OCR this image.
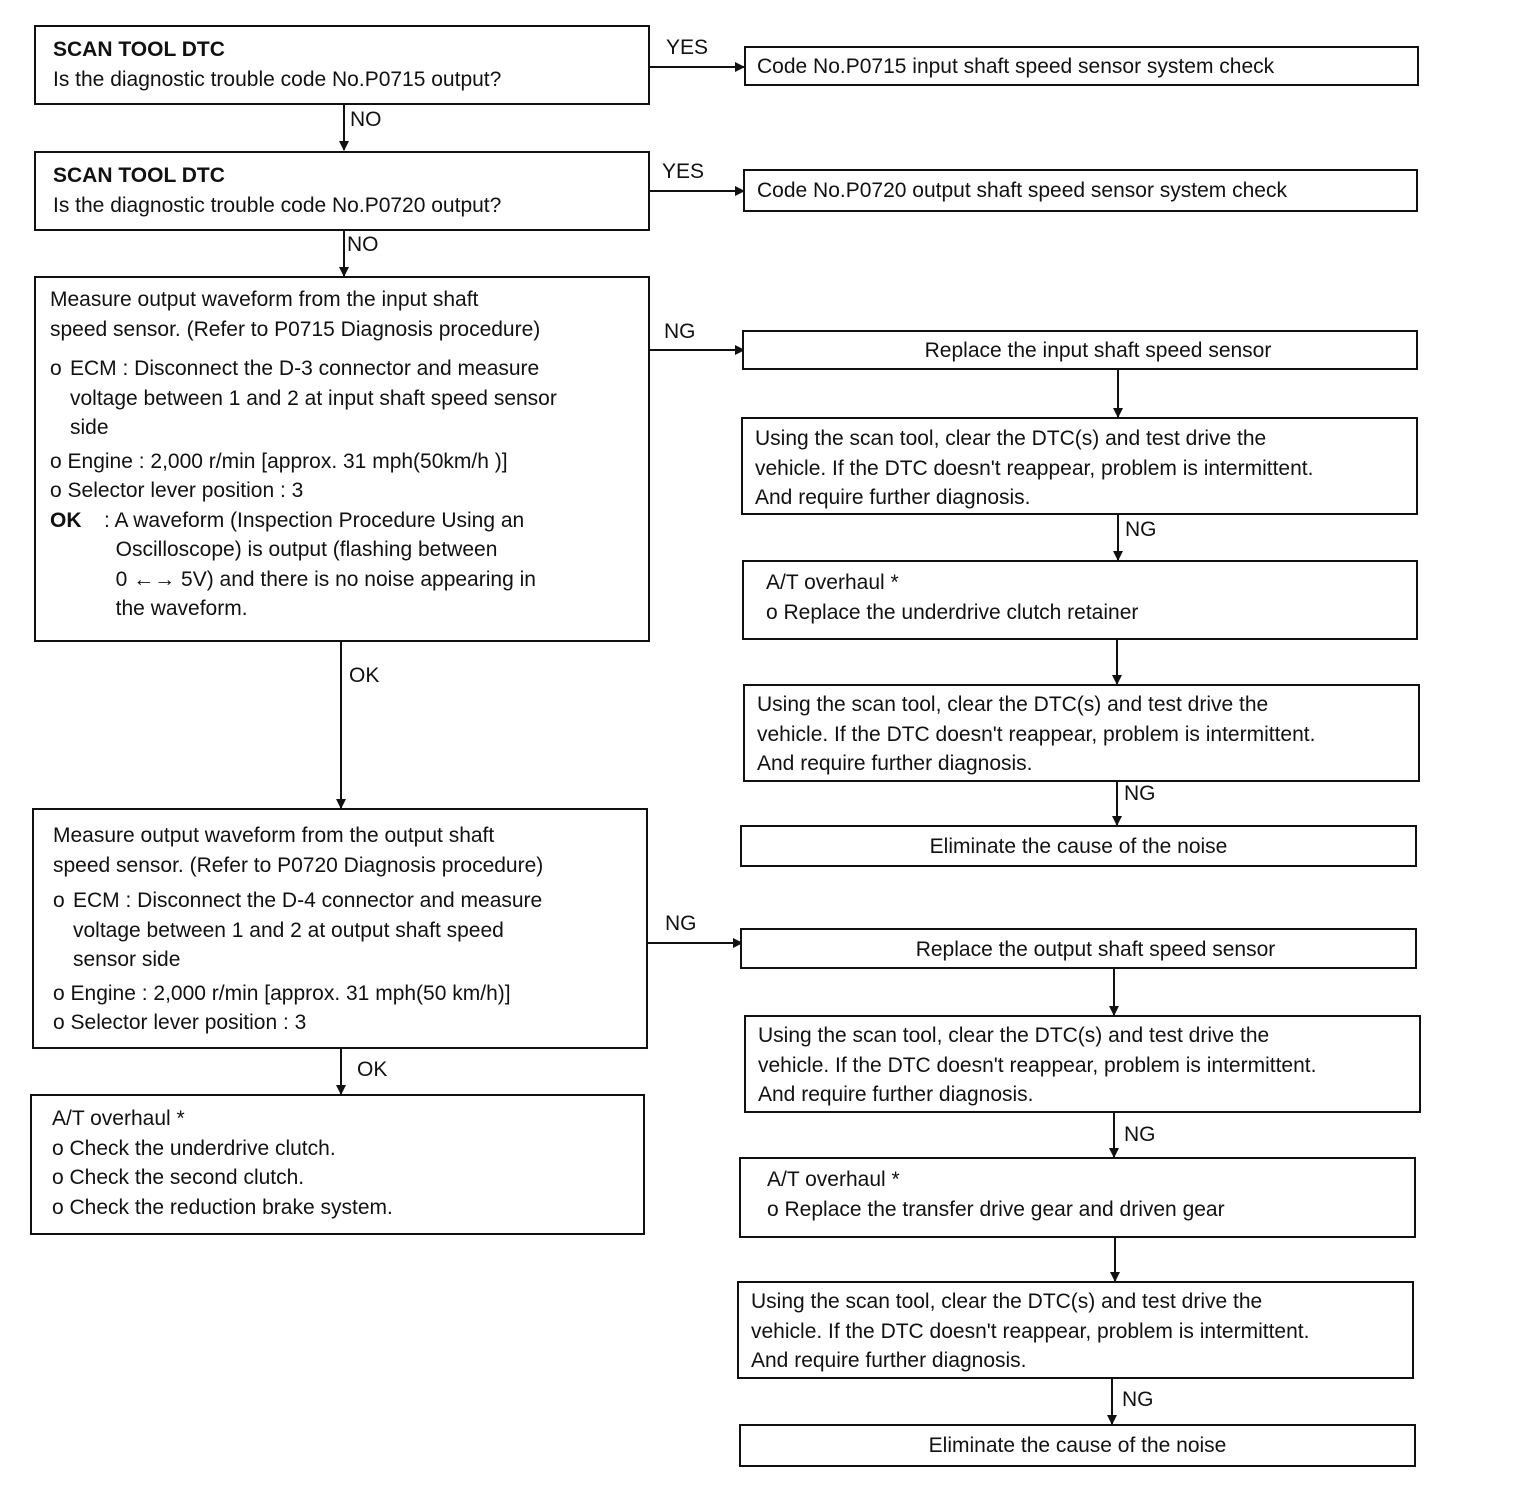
SCAN TOOL DTC
Is the diagnostic trouble code No.P0715 output?
YES
Code No.P0715 input shaft speed sensor system check
NO
SCAN TOOL DTC
Is the diagnostic trouble code No.P0720 output?
YES
Code No.P0720 output shaft speed sensor system check
NO
Measure output waveform from the input shaft
speed sensor. (Refer to P0715 Diagnosis procedure)
o ECM : Disconnect the D-3 connector and measure
voltage between 1 and 2 at input shaft speed sensor
side
o Engine : 2,000 r/min [approx. 31 mph(50km/h )]
o Selector lever position : 3
OK	: A waveform (Inspection Procedure Using an
Oscilloscope) is output (flashing between
0 ←→ 5V) and there is no noise appearing in
the waveform.
NG
OK
Replace the input shaft speed sensor
Using the scan tool, clear the DTC(s) and test drive the
vehicle. If the DTC doesn't reappear, problem is intermittent.
And require further diagnosis.
NG
A/T overhaul *
o Replace the underdrive clutch retainer
Using the scan tool, clear the DTC(s) and test drive the
vehicle. If the DTC doesn't reappear, problem is intermittent.
And require further diagnosis.
NG
Eliminate the cause of the noise
Measure output waveform from the output shaft
speed sensor. (Refer to P0720 Diagnosis procedure)
o ECM : Disconnect the D-4 connector and measure
voltage between 1 and 2 at output shaft speed
sensor side
o Engine : 2,000 r/min [approx. 31 mph(50 km/h)]
o Selector lever position : 3
NG
OK
A/T overhaul *
o Check the underdrive clutch.
o Check the second clutch.
o Check the reduction brake system.
Replace the output shaft speed sensor
Using the scan tool, clear the DTC(s) and test drive the
vehicle. If the DTC doesn't reappear, problem is intermittent.
And require further diagnosis.
NG
A/T overhaul *
o Replace the transfer drive gear and driven gear
Using the scan tool, clear the DTC(s) and test drive the
vehicle. If the DTC doesn't reappear, problem is intermittent.
And require further diagnosis.
NG
Eliminate the cause of the noise
